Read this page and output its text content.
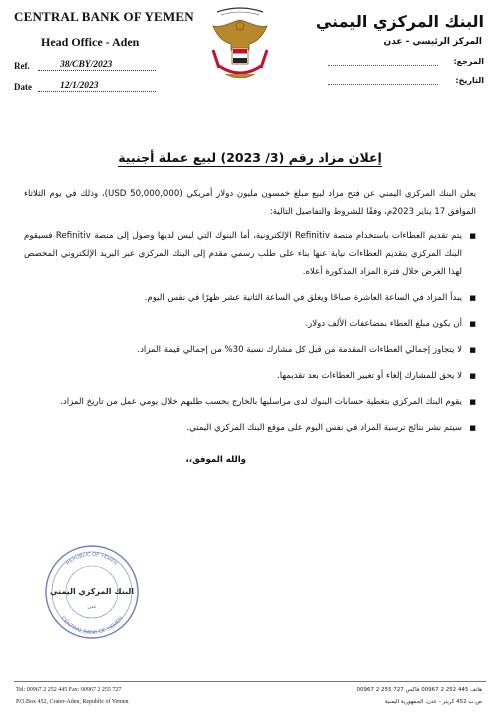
CENTRAL BANK OF YEMEN
Head Office - Aden
Ref.	38/CBY/2023
Date	12/1/2023
البنك المركزي اليمني
المركز الرئيسي - عدن
المرجع:
التاريخ:
إعلان مزاد رقم (3/ 2023) لبيع عملة أجنبية

يعلن البنك المركزي اليمني عن فتح مزاد لبيع مبلغ خمسون مليون دولار أمريكي (50,000,000 USD)، وذلك في يوم الثلاثاء الموافق 17 يناير 2023م، وفقًا للشروط والتفاصيل التالية:

■ يتم تقديم العطاءات باستخدام منصة Refinitiv الإلكترونية، أما البنوك التي ليس لديها وصول إلى منصة Refinitiv فسيقوم البنك المركزي بتقديم العطاءات نيابة عنها بناء على طلب رسمي مقدم إلى البنك المركزي عبر البريد الإلكتروني المخصص لهذا الغرض خلال فترة المزاد المذكورة أعلاه.
■ يبدأ المزاد في الساعة العاشرة صباحًا ويغلق في الساعة الثانية عشر ظهرًا في نفس اليوم.
■ أن يكون مبلغ العطاء بمضاعفات الألف دولار.
■ لا يتجاوز إجمالي العطاءات المقدمة من قبل كل مشارك نسبة 30% من إجمالي قيمة المزاد.
■ لا يحق للمشارك إلغاء أو تغيير العطاءات بعد تقديمها.
■ يقوم البنك المركزي بتغطية حسابات البنوك لدى مراسليها بالخارج بحسب طلبهم خلال يومي عمل من تاريخ المزاد.
■ سيتم نشر نتائج ترسية المزاد في نفس اليوم على موقع البنك المركزي اليمني.
والله الموفق،،
REPUBLIC OF YEMEN
CENTRAL BANK OF YEMEN
البنك المركزي اليمني
عدن
Tel: 00967 2 252 445 Fax: 00967 2 255 727
P.O.Box 452, Crater-Aden, Republic of Yemen
هاتف 445 252 2 00967 فاكس 727 255 2 00967
ص.ب 452 كريتر - عدن، الجمهورية اليمنية
